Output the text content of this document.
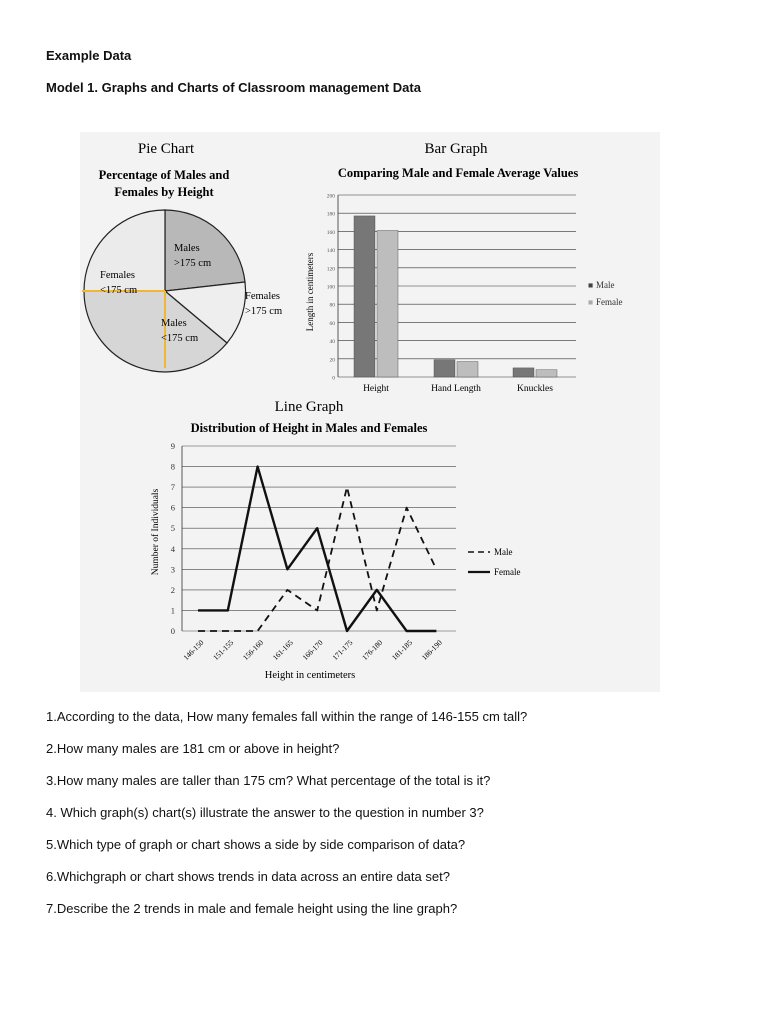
Example Data
Model 1. Graphs and Charts of Classroom management Data
Pie Chart
Percentage of Males and
Females by Height
Males
>175 cm
Females
>175 cm
Males
<175 cm
Females
<175 cm
Bar Graph
Comparing Male and Female Average Values
Length in centimeters
0
20
40
60
80
100
120
140
160
180
200
Height	Hand Length	Knuckles
■ Male
■ Female
Line Graph
Distribution of Height in Males and Females
Number of Individuals
Height in centimeters
0
1
2
3
4
5
6
7
8
9
146-150 151-155 156-160 161-165 166-170 171-175 176-180 181-185 186-190
Male
Female
1.According to the data, How many females fall within the range of 146-155 cm tall?
2.How many males are 181 cm or above in height?
3.How many males are taller than 175 cm? What percentage of the total is it?
4. Which graph(s) chart(s) illustrate the answer to the question in number 3?
5.Which type of graph or chart shows a side by side comparison of data?
6.Whichgraph or chart shows trends in data across an entire data set?
7.Describe the 2 trends in male and female height using the line graph?
